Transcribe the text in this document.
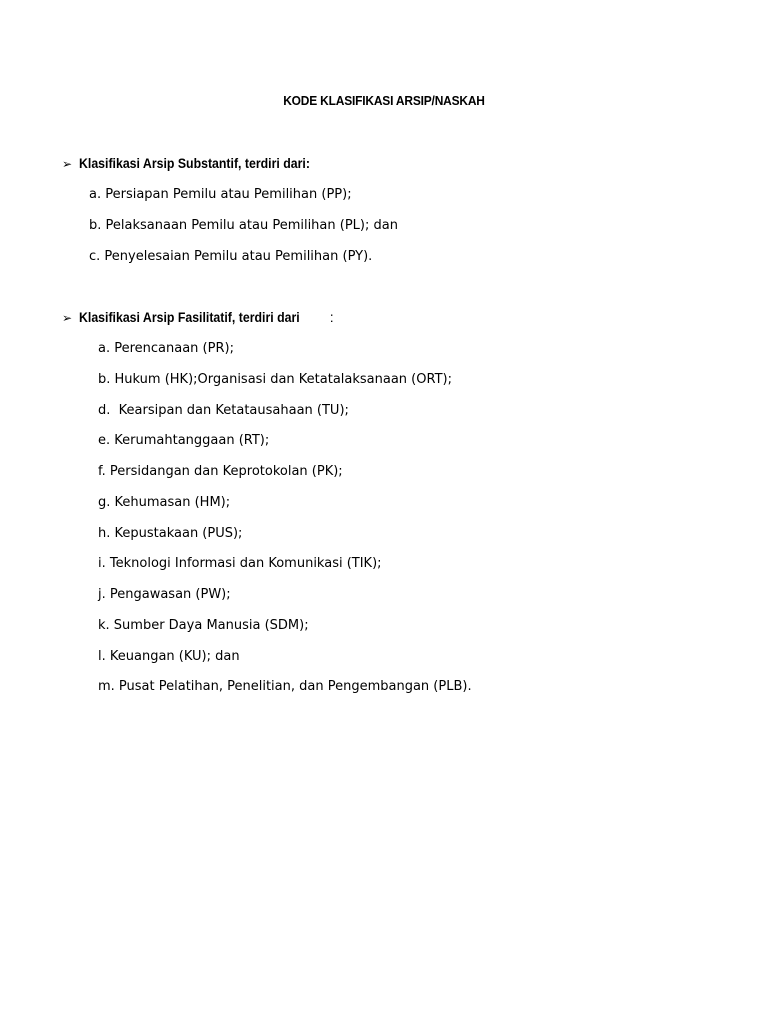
KODE KLASIFIKASI ARSIP/NASKAH
➢ Klasifikasi Arsip Substantif, terdiri dari:
a. Persiapan Pemilu atau Pemilihan (PP);
b. Pelaksanaan Pemilu atau Pemilihan (PL); dan
c. Penyelesaian Pemilu atau Pemilihan (PY).
➢ Klasifikasi Arsip Fasilitatif, terdiri dari :
a. Perencanaan (PR);
b. Hukum (HK);Organisasi dan Ketatalaksanaan (ORT);
d.  Kearsipan dan Ketatausahaan (TU);
e. Kerumahtanggaan (RT);
f. Persidangan dan Keprotokolan (PK);
g. Kehumasan (HM);
h. Kepustakaan (PUS);
i. Teknologi Informasi dan Komunikasi (TIK);
j. Pengawasan (PW);
k. Sumber Daya Manusia (SDM);
l. Keuangan (KU); dan
m. Pusat Pelatihan, Penelitian, dan Pengembangan (PLB).
